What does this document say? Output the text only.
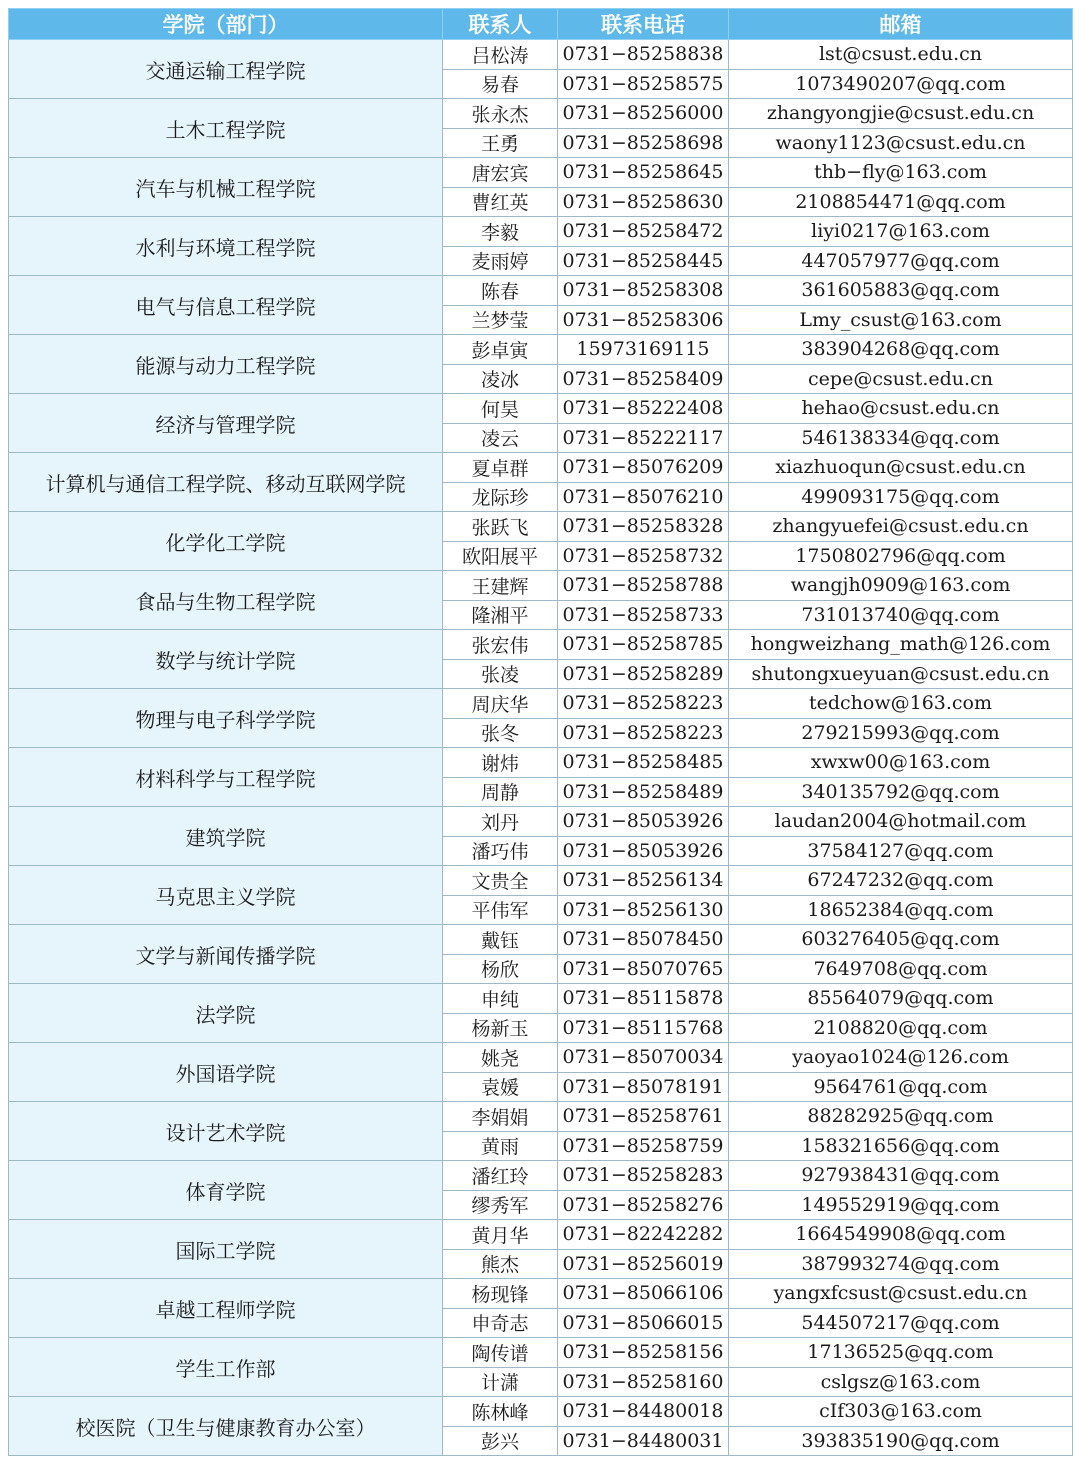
学院（部门）	联系人	联系电话	邮箱
交通运输工程学院	吕松涛	0731−85258838	lst@csust.edu.cn
	易春	0731−85258575	1073490207@qq.com
土木工程学院	张永杰	0731−85256000	zhangyongjie@csust.edu.cn
	王勇	0731−85258698	waony1123@csust.edu.cn
汽车与机械工程学院	唐宏宾	0731−85258645	thb−fly@163.com
	曹红英	0731−85258630	2108854471@qq.com
水利与环境工程学院	李毅	0731−85258472	liyi0217@163.com
	麦雨婷	0731−85258445	447057977@qq.com
电气与信息工程学院	陈春	0731−85258308	361605883@qq.com
	兰梦莹	0731−85258306	Lmy_csust@163.com
能源与动力工程学院	彭卓寅	15973169115	383904268@qq.com
	凌冰	0731−85258409	cepe@csust.edu.cn
经济与管理学院	何昊	0731−85222408	hehao@csust.edu.cn
	凌云	0731−85222117	546138334@qq.com
计算机与通信工程学院、移动互联网学院	夏卓群	0731−85076209	xiazhuoqun@csust.edu.cn
	龙际珍	0731−85076210	499093175@qq.com
化学化工学院	张跃飞	0731−85258328	zhangyuefei@csust.edu.cn
	欧阳展平	0731−85258732	1750802796@qq.com
食品与生物工程学院	王建辉	0731−85258788	wangjh0909@163.com
	隆湘平	0731−85258733	731013740@qq.com
数学与统计学院	张宏伟	0731−85258785	hongweizhang_math@126.com
	张凌	0731−85258289	shutongxueyuan@csust.edu.cn
物理与电子科学学院	周庆华	0731−85258223	tedchow@163.com
	张冬	0731−85258223	279215993@qq.com
材料科学与工程学院	谢炜	0731−85258485	xwxw00@163.com
	周静	0731−85258489	340135792@qq.com
建筑学院	刘丹	0731−85053926	laudan2004@hotmail.com
	潘巧伟	0731−85053926	37584127@qq.com
马克思主义学院	文贵全	0731−85256134	67247232@qq.com
	平伟军	0731−85256130	18652384@qq.com
文学与新闻传播学院	戴钰	0731−85078450	603276405@qq.com
	杨欣	0731−85070765	7649708@qq.com
法学院	申纯	0731−85115878	85564079@qq.com
	杨新玉	0731−85115768	2108820@qq.com
外国语学院	姚尧	0731−85070034	yaoyao1024@126.com
	袁媛	0731−85078191	9564761@qq.com
设计艺术学院	李娟娟	0731−85258761	88282925@qq.com
	黄雨	0731−85258759	158321656@qq.com
体育学院	潘红玲	0731−85258283	927938431@qq.com
	缪秀军	0731−85258276	149552919@qq.com
国际工学院	黄月华	0731−82242282	1664549908@qq.com
	熊杰	0731−85256019	387993274@qq.com
卓越工程师学院	杨现锋	0731−85066106	yangxfcsust@csust.edu.cn
	申奇志	0731−85066015	544507217@qq.com
学生工作部	陶传谱	0731−85258156	17136525@qq.com
	计潇	0731−85258160	cslgsz@163.com
校医院（卫生与健康教育办公室）	陈林峰	0731−84480018	cIf303@163.com
	彭兴	0731−84480031	393835190@qq.com
